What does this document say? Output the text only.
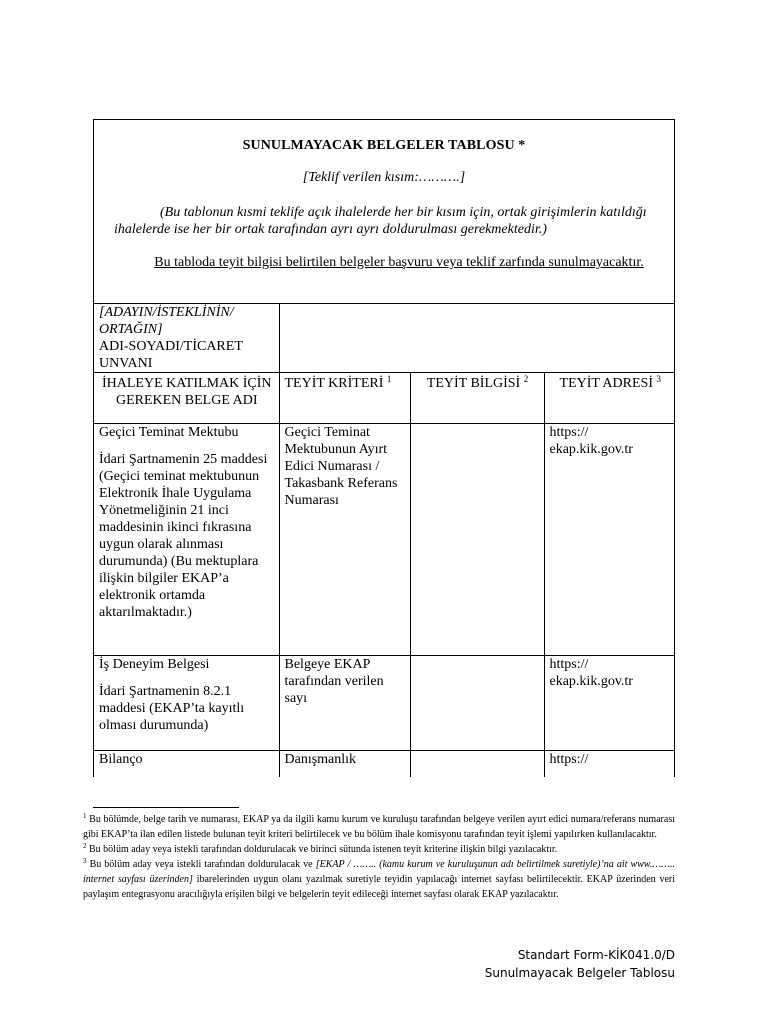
SUNULMAYACAK BELGELER TABLOSU *
[Teklif verilen kısım:……….]
(Bu tablonun kısmi teklife açık ihalelerde her bir kısım için, ortak girişimlerin katıldığı ihalelerde ise her bir ortak tarafından ayrı ayrı doldurulması gerekmektedir.)
Bu tabloda teyit bilgisi belirtilen belgeler başvuru veya teklif zarfında sunulmayacaktır.
[ADAYIN/İSTEKLİNİN/ ORTAĞIN]
ADI-SOYADI/TİCARET UNVANI			

İHALEYE KATILMAK İÇİN GEREKEN BELGE ADI	TEYİT KRİTERİ $^1$	TEYİT BİLGİSİ $^2$	TEYİT ADRESİ $^3$

Geçici Teminat Mektubu
İdari Şartnamenin 25 maddesi (Geçici teminat mektubunun Elektronik İhale Uygulama Yönetmeliğinin 21 inci maddesinin ikinci fıkrasına uygun olarak alınması durumunda) (Bu mektuplara ilişkin bilgiler EKAP’a elektronik ortamda aktarılmaktadır.)	Geçici Teminat Mektubunun Ayırt Edici Numarası / Takasbank Referans Numarası		https:// ekap.kik.gov.tr

İş Deneyim Belgesi
İdari Şartnamenin 8.2.1 maddesi (EKAP’ta kayıtlı olması durumunda)	Belgeye EKAP tarafından verilen sayı		https:// ekap.kik.gov.tr

Bilanço	Danışmanlık		https://

$^1$ Bu bölümde, belge tarih ve numarası, EKAP ya da ilgili kamu kurum ve kuruluşu tarafından belgeye verilen ayırt edici numara/referans numarası gibi EKAP’ta ilan edilen listede bulunan teyit kriteri belirtilecek ve bu bölüm ihale komisyonu tarafından teyit işlemi yapılırken kullanılacaktır.

$^2$ Bu bölüm aday veya istekli tarafından doldurulacak ve birinci sütunda istenen teyit kriterine ilişkin bilgi yazılacaktır.

$^3$ Bu bölüm aday veya istekli tarafından doldurulacak ve [EKAP / …….. (kamu kurum ve kuruluşunun adı belirtilmek suretiyle)’na ait www.…….. internet sayfası üzerinden] ibarelerinden uygun olanı yazılmak suretiyle teyidin yapılacağı internet sayfası belirtilecektir. EKAP üzerinden veri paylaşım entegrasyonu aracılığıyla erişilen bilgi ve belgelerin teyit edileceği internet sayfası olarak EKAP yazılacaktır.

Standart Form-KİK041.0/D
Sunulmayacak Belgeler Tablosu
